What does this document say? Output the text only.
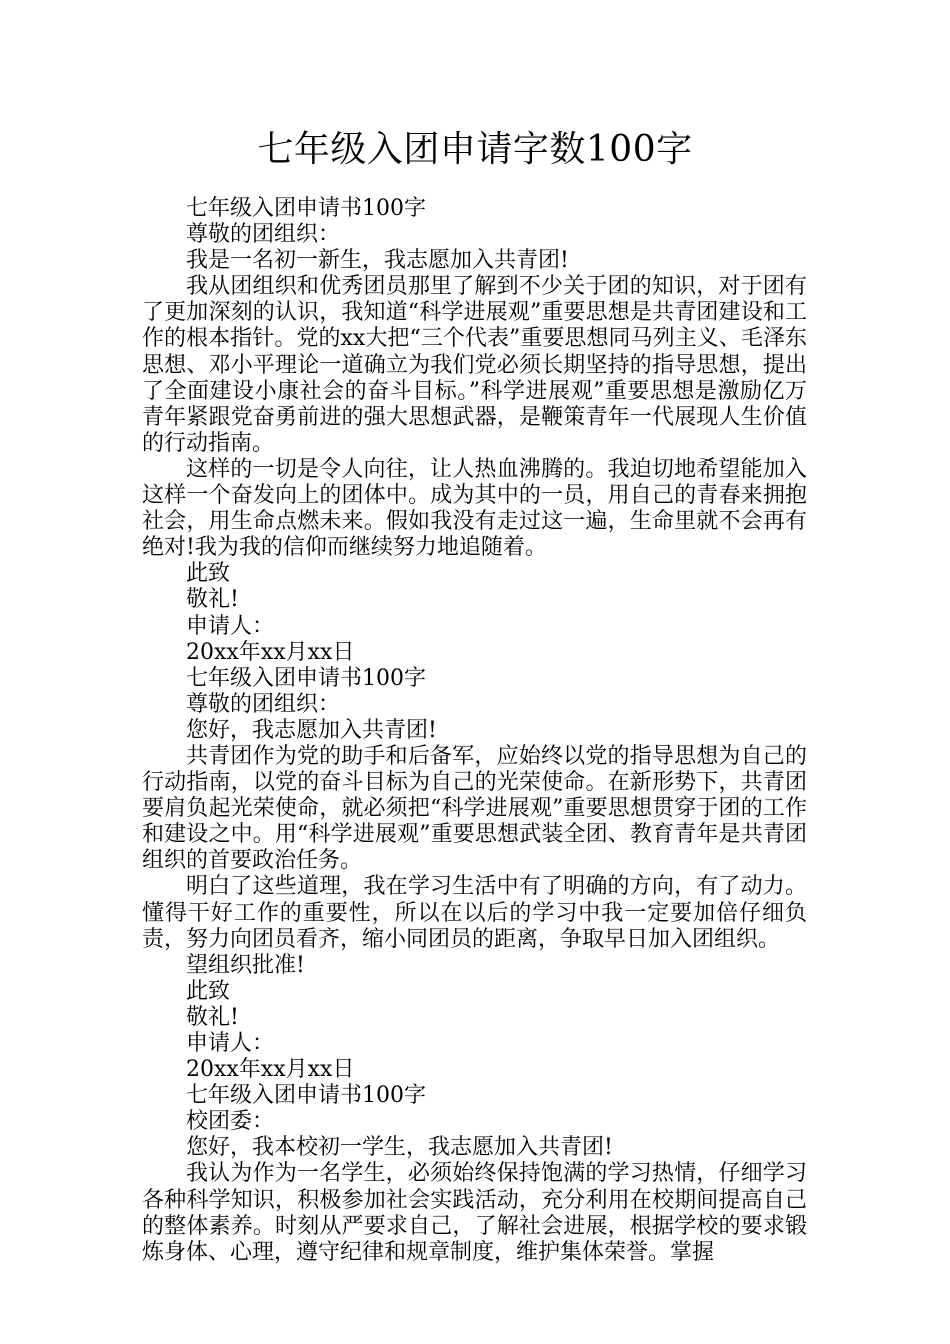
七年级入团申请字数100字

七年级入团申请书100字

尊敬的团组织：

我是一名初一新生，我志愿加入共青团!

我从团组织和优秀团员那里了解到不少关于团的知识，对于团有了更加深刻的认识，我知道“科学进展观”重要思想是共青团建设和工作的根本指针。党的xx大把“三个代表”重要思想同马列主义、毛泽东思想、邓小平理论一道确立为我们党必须长期坚持的指导思想，提出了全面建设小康社会的奋斗目标。”科学进展观”重要思想是激励亿万青年紧跟党奋勇前进的强大思想武器，是鞭策青年一代展现人生价值的行动指南。

这样的一切是令人向往，让人热血沸腾的。我迫切地希望能加入这样一个奋发向上的团体中。成为其中的一员，用自己的青春来拥抱社会，用生命点燃未来。假如我没有走过这一遍，生命里就不会再有绝对!我为我的信仰而继续努力地追随着。

此致

敬礼!

申请人：

20xx年xx月xx日

七年级入团申请书100字

尊敬的团组织：

您好，我志愿加入共青团!

共青团作为党的助手和后备军，应始终以党的指导思想为自己的行动指南，以党的奋斗目标为自己的光荣使命。在新形势下，共青团要肩负起光荣使命，就必须把“科学进展观”重要思想贯穿于团的工作和建设之中。用“科学进展观”重要思想武装全团、教育青年是共青团组织的首要政治任务。

明白了这些道理，我在学习生活中有了明确的方向，有了动力。懂得干好工作的重要性，所以在以后的学习中我一定要加倍仔细负责，努力向团员看齐，缩小同团员的距离，争取早日加入团组织。

望组织批准!

此致

敬礼!

申请人：

20xx年xx月xx日

七年级入团申请书100字

校团委：

您好，我本校初一学生，我志愿加入共青团!

我认为作为一名学生，必须始终保持饱满的学习热情，仔细学习各种科学知识，积极参加社会实践活动，充分利用在校期间提高自己的整体素养。时刻从严要求自己，了解社会进展，根据学校的要求锻炼身体、心理，遵守纪律和规章制度，维护集体荣誉。掌握
